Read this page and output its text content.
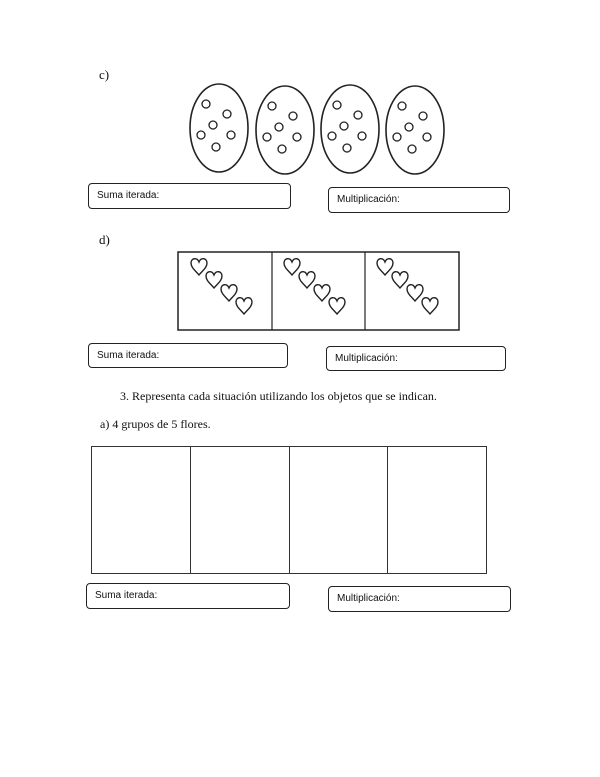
c)
Suma iterada:	Multiplicación:
d)
Suma iterada:	Multiplicación:
3. Representa cada situación utilizando los objetos que se indican.
a) 4 grupos de 5 flores.
Suma iterada:	Multiplicación:
